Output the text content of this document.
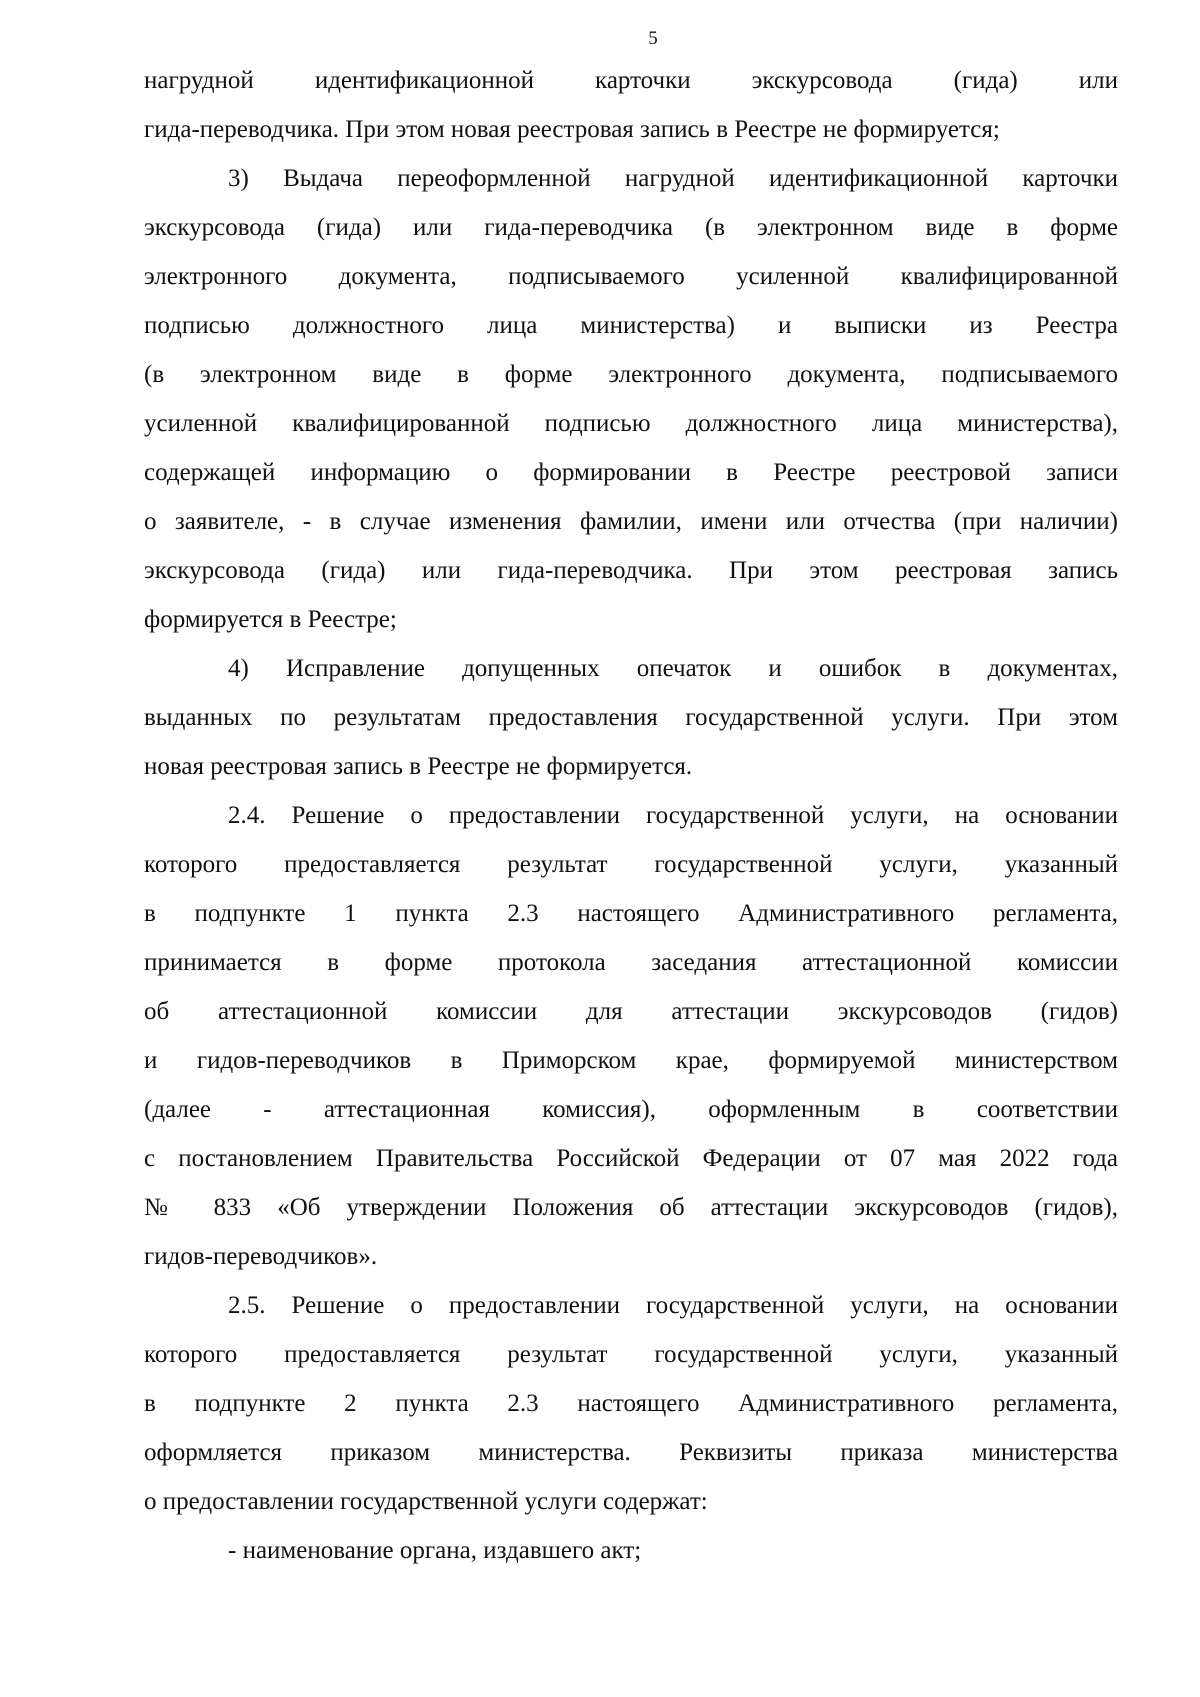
5
нагрудной идентификационной карточки экскурсовода (гида) или
гида-переводчика. При этом новая реестровая запись в Реестре не формируется;
3) Выдача переоформленной нагрудной идентификационной карточки
экскурсовода (гида) или гида-переводчика (в электронном виде в форме
электронного документа, подписываемого усиленной квалифицированной
подписью должностного лица министерства) и выписки из Реестра
(в электронном виде в форме электронного документа, подписываемого
усиленной квалифицированной подписью должностного лица министерства),
содержащей информацию о формировании в Реестре реестровой записи
о заявителе, - в случае изменения фамилии, имени или отчества (при наличии)
экскурсовода (гида) или гида-переводчика. При этом реестровая запись
формируется в Реестре;
4) Исправление допущенных опечаток и ошибок в документах,
выданных по результатам предоставления государственной услуги. При этом
новая реестровая запись в Реестре не формируется.
2.4. Решение о предоставлении государственной услуги, на основании
которого предоставляется результат государственной услуги, указанный
в подпункте 1 пункта 2.3 настоящего Административного регламента,
принимается в форме протокола заседания аттестационной комиссии
об аттестационной комиссии для аттестации экскурсоводов (гидов)
и гидов-переводчиков в Приморском крае, формируемой министерством
(далее - аттестационная комиссия), оформленным в соответствии
с постановлением Правительства Российской Федерации от 07 мая 2022 года
№ 833 «Об утверждении Положения об аттестации экскурсоводов (гидов),
гидов-переводчиков».
2.5. Решение о предоставлении государственной услуги, на основании
которого предоставляется результат государственной услуги, указанный
в подпункте 2 пункта 2.3 настоящего Административного регламента,
оформляется приказом министерства. Реквизиты приказа министерства
о предоставлении государственной услуги содержат:
- наименование органа, издавшего акт;
